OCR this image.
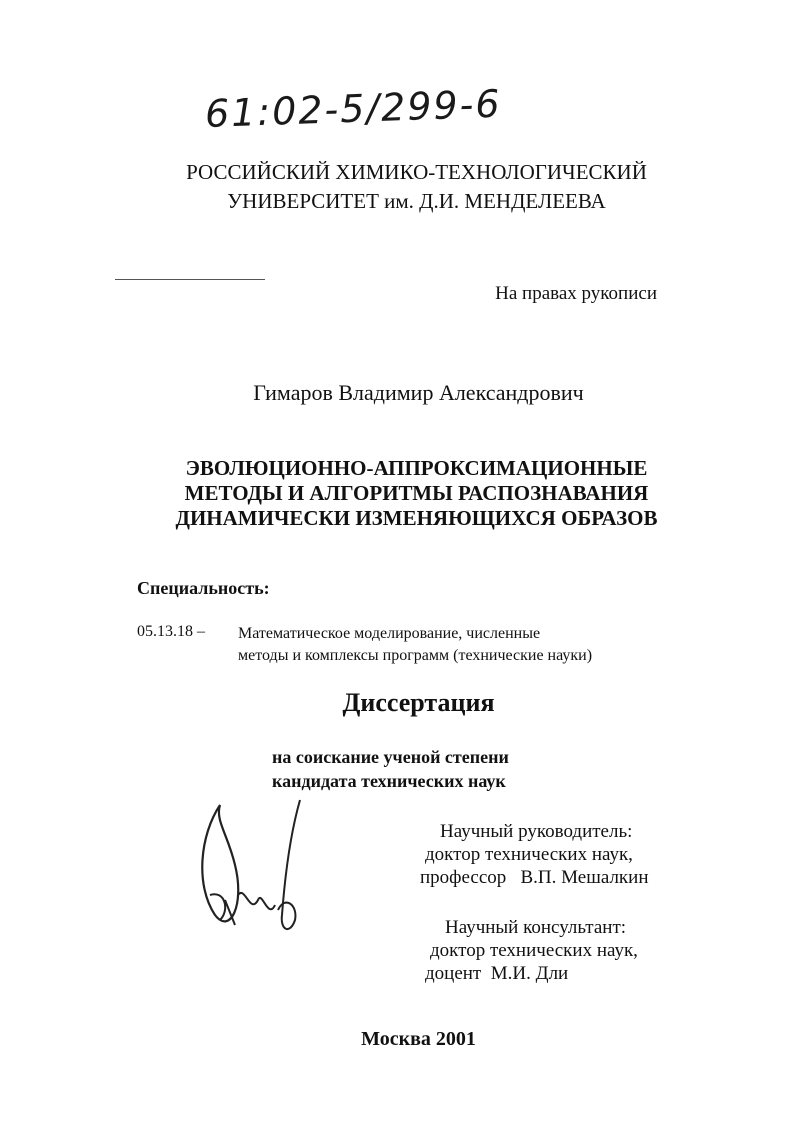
61:02-5/299-6
РОССИЙСКИЙ ХИМИКО-ТЕХНОЛОГИЧЕСКИЙ
УНИВЕРСИТЕТ им. Д.И. МЕНДЕЛЕЕВА
На правах рукописи
Гимаров Владимир Александрович
ЭВОЛЮЦИОННО-АППРОКСИМАЦИОННЫЕ
МЕТОДЫ И АЛГОРИТМЫ РАСПОЗНАВАНИЯ
ДИНАМИЧЕСКИ ИЗМЕНЯЮЩИХСЯ ОБРАЗОВ
Специальность:
05.13.18 – Математическое моделирование, численные
методы и комплексы программ (технические науки)
Диссертация
на соискание ученой степени
кандидата технических наук
Научный руководитель:
доктор технических наук,
профессор   В.П. Мешалкин
Научный консультант:
доктор технических наук,
доцент  М.И. Дли
Москва 2001
